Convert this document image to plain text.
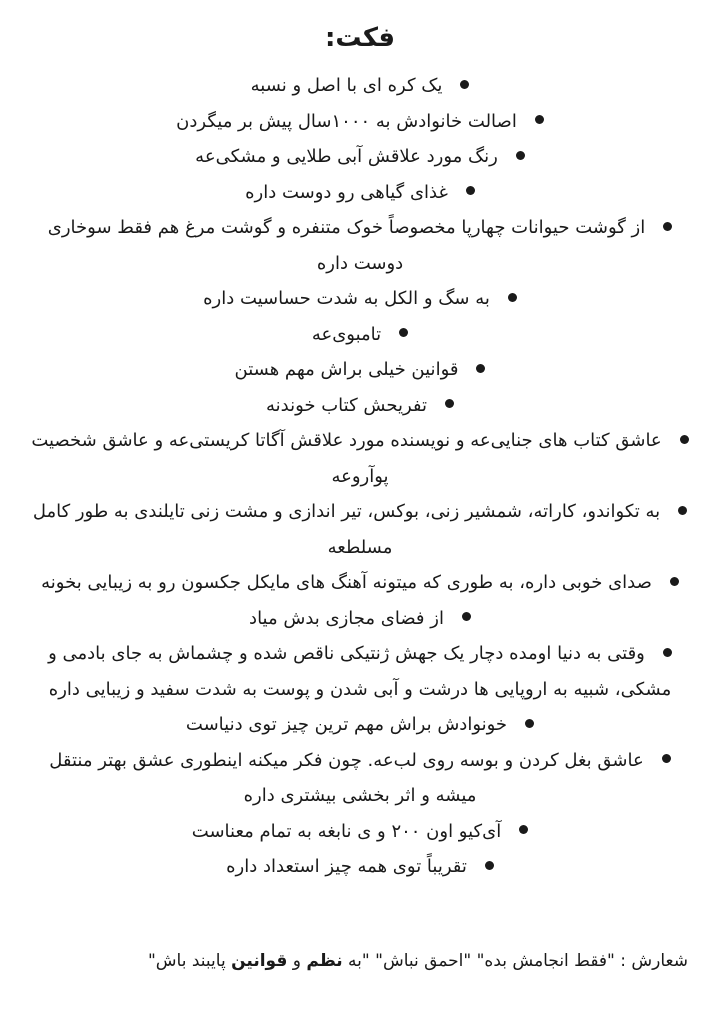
فکت:
یک کره ای با اصل و نسبه
اصالت خانوادش به ۱۰۰۰سال پیش بر میگردن
رنگ مورد علاقش آبی طلایی و مشکی‌عه
غذای گیاهی رو دوست داره
از گوشت حیوانات چهارپا مخصوصاً خوک متنفره و گوشت مرغ هم فقط سوخاری دوست داره
به سگ و الکل به شدت حساسیت داره
تامبوی‌عه
قوانین خیلی براش مهم هستن
تفریحش کتاب خوندنه
عاشق کتاب های جنایی‌عه و نویسنده مورد علاقش آگاتا کریستی‌عه و عاشق شخصیت پوآروعه
به تکواندو، کاراته، شمشیر زنی، بوکس، تیر اندازی و مشت زنی تایلندی به طور کامل مسلطعه
صدای خوبی داره، به طوری که میتونه آهنگ های مایکل جکسون رو به زیبایی بخونه
از فضای مجازی بدش میاد
وقتی به دنیا اومده دچار یک جهش ژنتیکی ناقص شده و چشماش به جای بادمی و مشکی، شبیه به اروپایی ها درشت و آبی شدن و پوست به شدت سفید و زیبایی داره
خونوادش براش مهم ترین چیز توی دنیاست
عاشق بغل کردن و بوسه روی لب‌عه. چون فکر میکنه اینطوری عشق بهتر منتقل میشه و اثر بخشی بیشتری داره
آی‌کیو اون ۲۰۰ و ی نابغه به تمام معناست
تقریباً توی همه چیز استعداد داره
شعارش : "فقط انجامش بده" "احمق نباش" "به نظم و قوانین پایبند باش"
